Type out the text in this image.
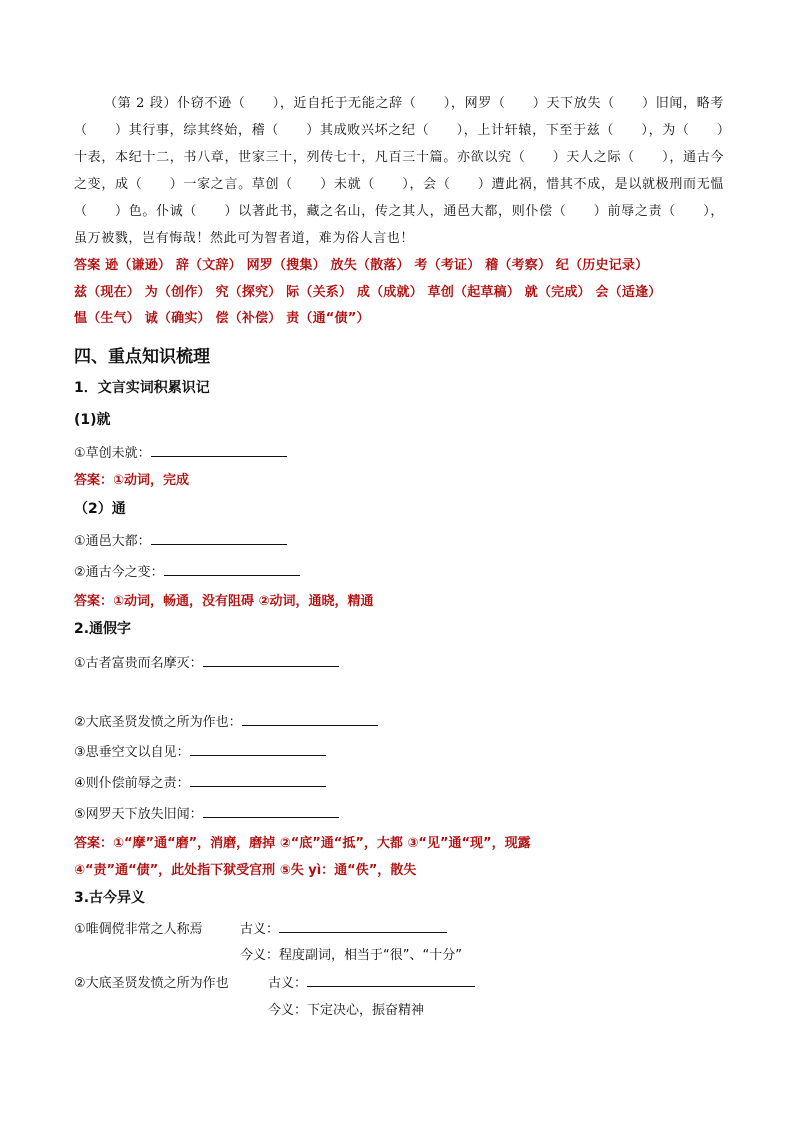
（第 2 段）仆窃不逊（　　），近自托于无能之辞（　　），网罗（　　）天下放失（　　）旧闻，略考（　　）其行事，综其终始，稽（　　）其成败兴坏之纪（　　），上计轩辕，下至于兹（　　），为（　　）十表，本纪十二，书八章，世家三十，列传七十，凡百三十篇。亦欲以究（　　）天人之际（　　），通古今之变，成（　　）一家之言。草创（　　）未就（　　），会（　　）遭此祸，惜其不成，是以就极刑而无愠（　　）色。仆诚（　　）以著此书，藏之名山，传之其人，通邑大都，则仆偿（　　）前辱之责（　　），虽万被戮，岂有悔哉！然此可为智者道，难为俗人言也！
答案 逊（谦逊） 辞（文辞） 网罗（搜集） 放失（散落） 考（考证） 稽（考察） 纪（历史记录）
兹（现在） 为（创作） 究（探究） 际（关系） 成（成就） 草创（起草稿） 就（完成） 会（适逢）
愠（生气） 诚（确实） 偿（补偿） 责（通“债”）
四、重点知识梳理
1．文言实词积累识记
(1)就
①草创未就：
答案：①动词，完成
（2）通
①通邑大都：
②通古今之变：
答案：①动词，畅通，没有阻碍 ②动词，通晓，精通
2.通假字
①古者富贵而名摩灭：
②大底圣贤发愤之所为作也：
③思垂空文以自见：
④则仆偿前辱之责：
⑤网罗天下放失旧闻：
答案：①“摩”通“磨”，消磨，磨掉 ②“底”通“抵”，大都 ③“见”通“现”，现露
④“责”通“债”，此处指下狱受宫刑 ⑤失 yì：通“佚”，散失
3.古今异义
①唯倜傥非常之人称焉	古义：
今义：程度副词，相当于“很”、“十分”
②大底圣贤发愤之所为作也	古义：
今义：下定决心，振奋精神
